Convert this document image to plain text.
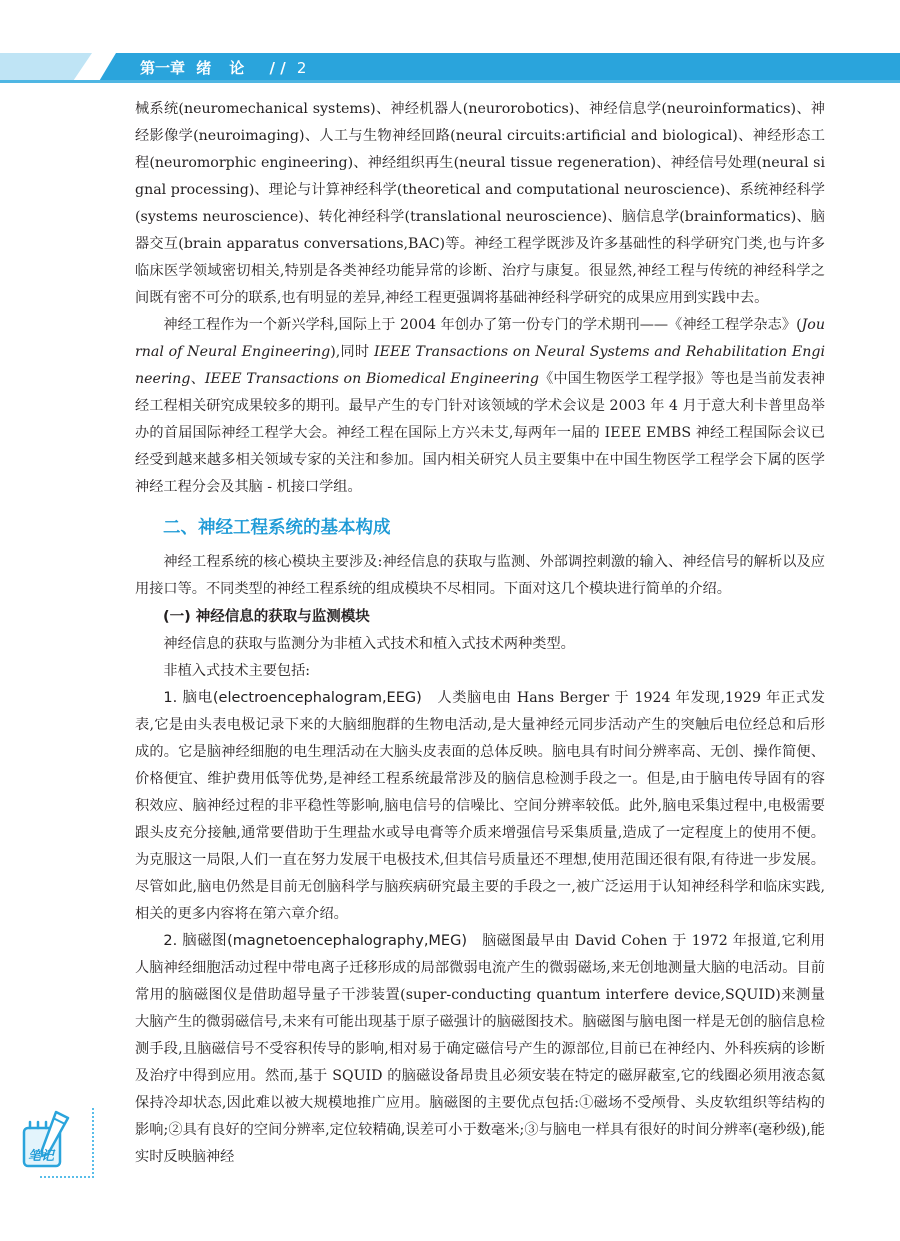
第一章 绪论 / / 2

械系统(neuromechanical systems)、神经机器人(neurorobotics)、神经信息学(neuroinformatics)、神经影像学(neuroimaging)、人工与生物神经回路(neural circuits:artificial and biological)、神经形态工程(neuromorphic engineering)、神经组织再生(neural tissue regeneration)、神经信号处理(neural signal processing)、理论与计算神经科学(theoretical and computational neuroscience)、系统神经科学(systems neuroscience)、转化神经科学(translational neuroscience)、脑信息学(brainformatics)、脑器交互(brain apparatus conversations,BAC)等。神经工程学既涉及许多基础性的科学研究门类,也与许多临床医学领域密切相关,特别是各类神经功能异常的诊断、治疗与康复。很显然,神经工程与传统的神经科学之间既有密不可分的联系,也有明显的差异,神经工程更强调将基础神经科学研究的成果应用到实践中去。

神经工程作为一个新兴学科,国际上于 2004 年创办了第一份专门的学术期刊——《神经工程学杂志》(Journal of Neural Engineering),同时 IEEE Transactions on Neural Systems and Rehabilitation Engineering、IEEE Transactions on Biomedical Engineering《中国生物医学工程学报》等也是当前发表神经工程相关研究成果较多的期刊。最早产生的专门针对该领域的学术会议是 2003 年 4 月于意大利卡普里岛举办的首届国际神经工程学大会。神经工程在国际上方兴未艾,每两年一届的 IEEE EMBS 神经工程国际会议已经受到越来越多相关领域专家的关注和参加。国内相关研究人员主要集中在中国生物医学工程学会下属的医学神经工程分会及其脑 - 机接口学组。

二、神经工程系统的基本构成

神经工程系统的核心模块主要涉及:神经信息的获取与监测、外部调控刺激的输入、神经信号的解析以及应用接口等。不同类型的神经工程系统的组成模块不尽相同。下面对这几个模块进行简单的介绍。

(一) 神经信息的获取与监测模块

神经信息的获取与监测分为非植入式技术和植入式技术两种类型。

非植入式技术主要包括:

1. 脑电(electroencephalogram,EEG)　 人类脑电由 Hans Berger 于 1924 年发现,1929 年正式发表,它是由头表电极记录下来的大脑细胞群的生物电活动,是大量神经元同步活动产生的突触后电位经总和后形成的。它是脑神经细胞的电生理活动在大脑头皮表面的总体反映。脑电具有时间分辨率高、无创、操作简便、价格便宜、维护费用低等优势,是神经工程系统最常涉及的脑信息检测手段之一。但是,由于脑电传导固有的容积效应、脑神经过程的非平稳性等影响,脑电信号的信噪比、空间分辨率较低。此外,脑电采集过程中,电极需要跟头皮充分接触,通常要借助于生理盐水或导电膏等介质来增强信号采集质量,造成了一定程度上的使用不便。为克服这一局限,人们一直在努力发展干电极技术,但其信号质量还不理想,使用范围还很有限,有待进一步发展。尽管如此,脑电仍然是目前无创脑科学与脑疾病研究最主要的手段之一,被广泛运用于认知神经科学和临床实践,相关的更多内容将在第六章介绍。

2. 脑磁图(magnetoencephalography,MEG)　 脑磁图最早由 David Cohen 于 1972 年报道,它利用人脑神经细胞活动过程中带电离子迁移形成的局部微弱电流产生的微弱磁场,来无创地测量大脑的电活动。目前常用的脑磁图仪是借助超导量子干涉装置(super-conducting quantum interfere device,SQUID)来测量大脑产生的微弱磁信号,未来有可能出现基于原子磁强计的脑磁图技术。脑磁图与脑电图一样是无创的脑信息检测手段,且脑磁信号不受容积传导的影响,相对易于确定磁信号产生的源部位,目前已在神经内、外科疾病的诊断及治疗中得到应用。然而,基于 SQUID 的脑磁设备昂贵且必须安装在特定的磁屏蔽室,它的线圈必须用液态氦保持冷却状态,因此难以被大规模地推广应用。脑磁图的主要优点包括:①磁场不受颅骨、头皮软组织等结构的影响;②具有良好的空间分辨率,定位较精确,误差可小于数毫米;③与脑电一样具有很好的时间分辨率(毫秒级),能实时反映脑神经

笔记
